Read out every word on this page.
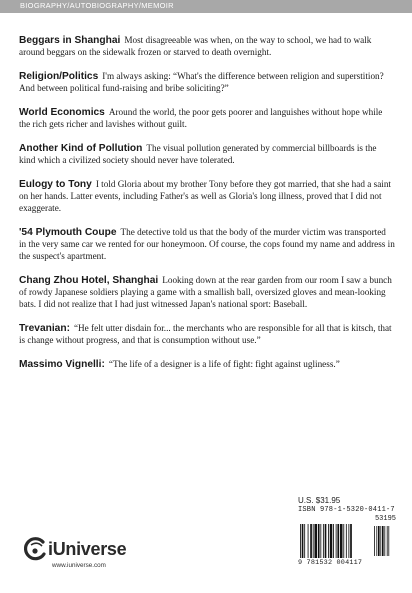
BIOGRAPHY/AUTOBIOGRAPHY/MEMOIR

Beggars in Shanghai Most disagreeable was when, on the way to school, we had to walk around beggars on the sidewalk frozen or starved to death overnight.

Religion/Politics I'm always asking: “What's the difference between religion and superstition? And between political fund-raising and bribe soliciting?”

World Economics Around the world, the poor gets poorer and languishes without hope while the rich gets richer and lavishes without guilt.

Another Kind of Pollution The visual pollution generated by commercial billboards is the kind which a civilized society should never have tolerated.

Eulogy to Tony I told Gloria about my brother Tony before they got married, that she had a saint on her hands. Latter events, including Father's as well as Gloria's long illness, proved that I did not exaggerate.

'54 Plymouth Coupe The detective told us that the body of the murder victim was transported in the very same car we rented for our honeymoon. Of course, the cops found my name and address in the suspect's apartment.

Chang Zhou Hotel, Shanghai Looking down at the rear garden from our room I saw a bunch of rowdy Japanese soldiers playing a game with a smallish ball, oversized gloves and mean-looking bats. I did not realize that I had just witnessed Japan's national sport: Baseball.

Trevanian: “He felt utter disdain for... the merchants who are responsible for all that is kitsch, that is change without progress, and that is consumption without use.”

Massimo Vignelli: “The life of a designer is a life of fight: fight against ugliness.”

U.S. $31.95
ISBN 978-1-5320-0411-7
53195
9 781532 004117
iUniverse
www.iuniverse.com
